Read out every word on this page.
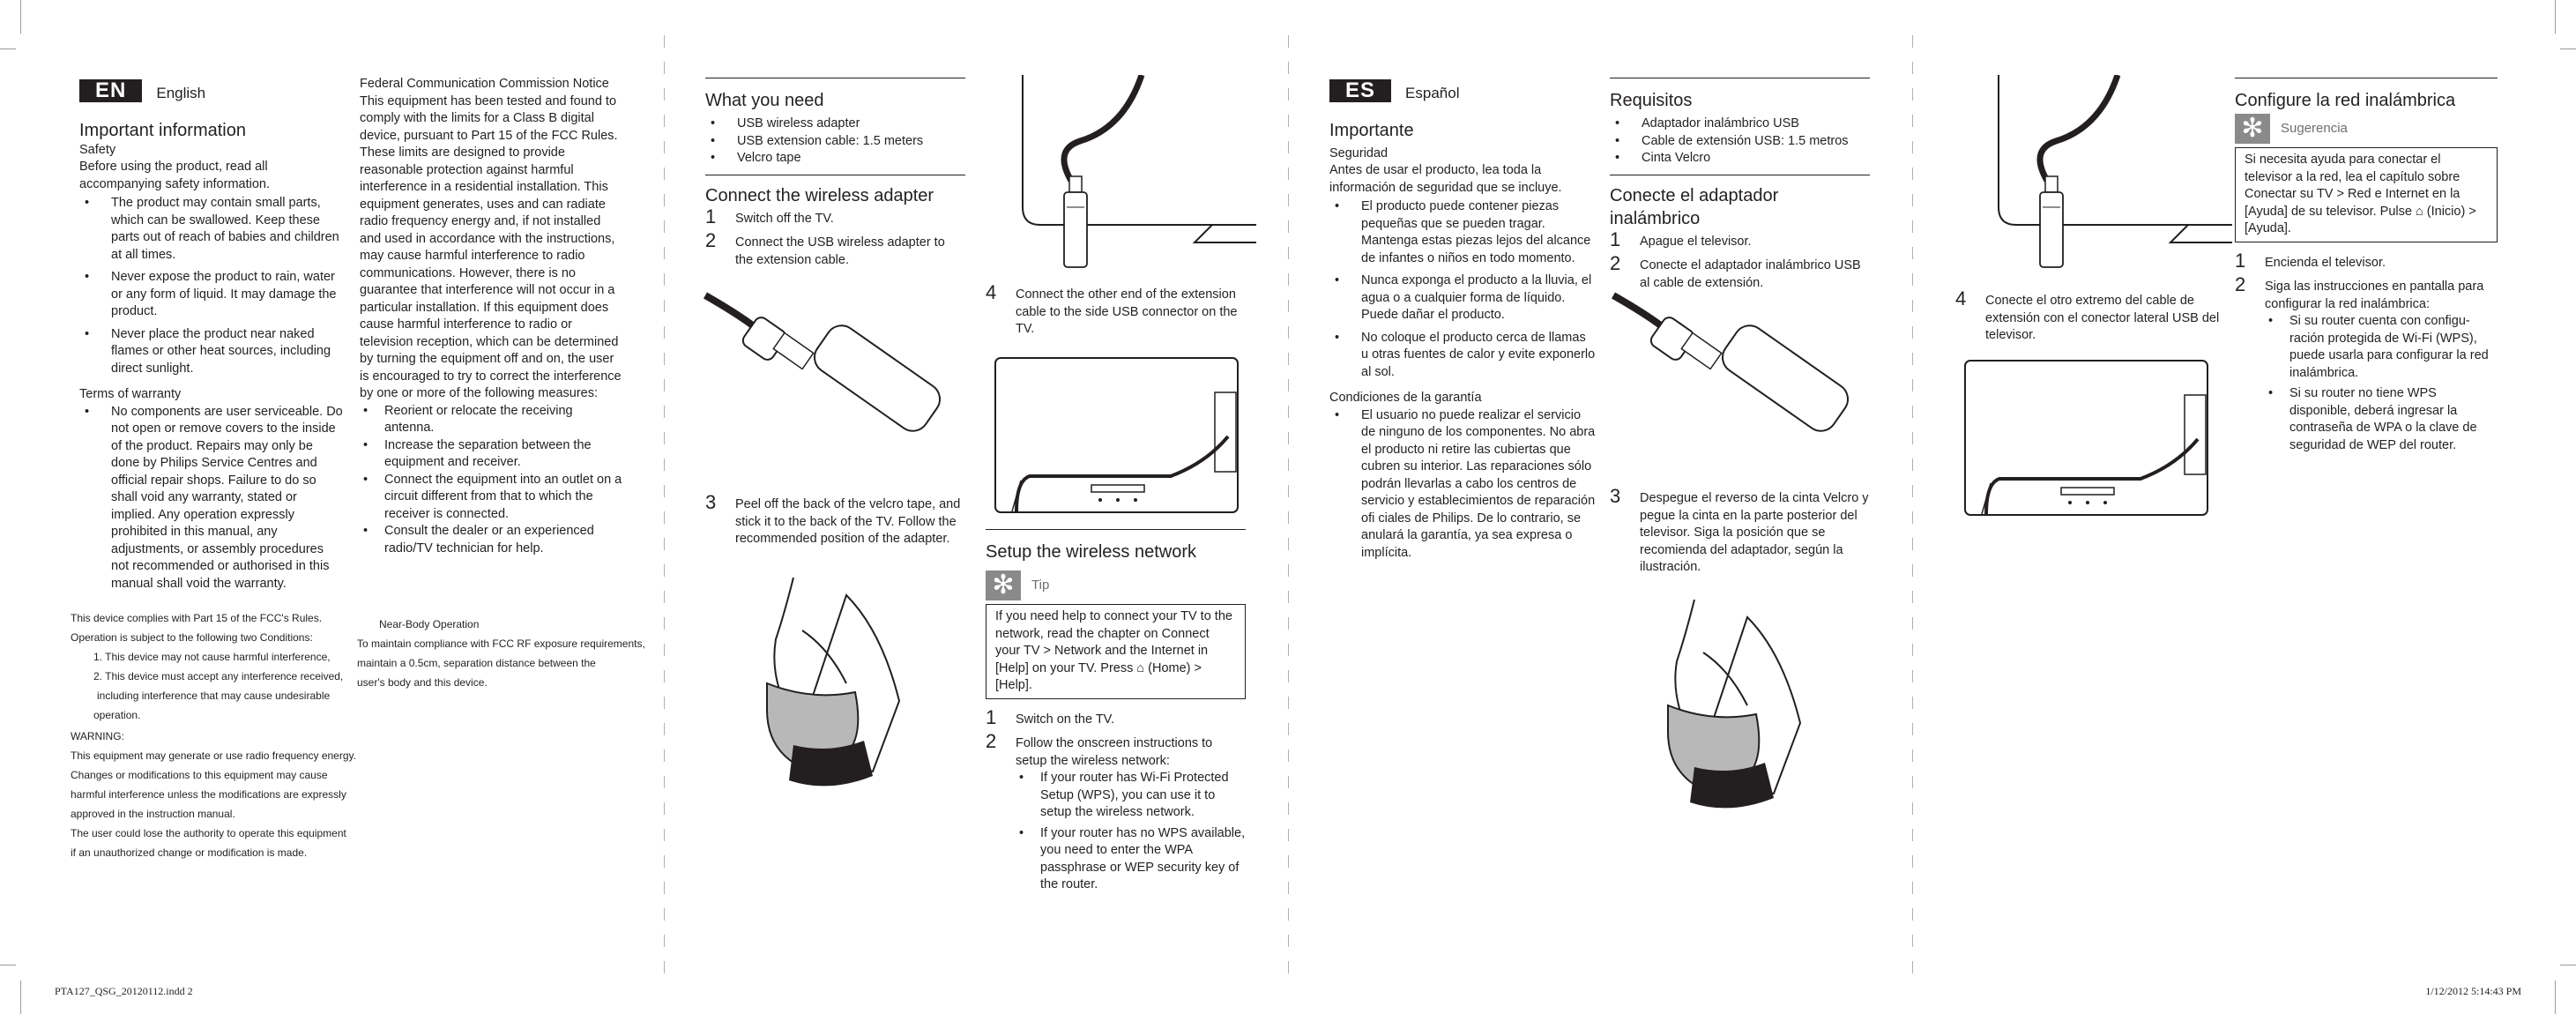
EN English

Important information

Safety

Before using the product, read all accompanying safety information.

• The product may contain small parts, which can be swallowed. Keep these parts out of reach of babies and children at all times.
• Never expose the product to rain, water or any form of liquid. It may damage the product.
• Never place the product near naked flames or other heat sources, including direct sunlight.

Terms of warranty

• No components are user serviceable. Do not open or remove covers to the inside of the product. Repairs may only be done by Philips Service Centres and official repair shops. Failure to do so shall void any warranty, stated or implied. Any operation expressly prohibited in this manual, any adjustments, or assembly procedures not recommended or authorised in this manual shall void the warranty.

This device complies with Part 15 of the FCC's Rules.

Operation is subject to the following two Conditions:

1. This device may not cause harmful interference,

2. This device must accept any interference received,

including interference that may cause undesirable

operation.

WARNING:

This equipment may generate or use radio frequency energy.

Changes or modifications to this equipment may cause

harmful interference unless the modifications are expressly

approved in the instruction manual.

The user could lose the authority to operate this equipment

if an unauthorized change or modification is made.

Federal Communication Commission Notice

This equipment has been tested and found to comply with the limits for a Class B digital device, pursuant to Part 15 of the FCC Rules. These limits are designed to provide reasonable protection against harmful interference in a residential installation. This equipment generates, uses and can radiate radio frequency energy and, if not installed and used in accordance with the instructions, may cause harmful interference to radio communications. However, there is no guarantee that interference will not occur in a particular installation. If this equipment does cause harmful interference to radio or television reception, which can be determined by turning the equipment off and on, the user is encouraged to try to correct the interference by one or more of the following measures:

• Reorient or relocate the receiving antenna.
• Increase the separation between the equipment and receiver.
• Connect the equipment into an outlet on a circuit different from that to which the receiver is connected.
• Consult the dealer or an experienced radio/TV technician for help.

Near-Body Operation

To maintain compliance with FCC RF exposure requirements,

maintain a 0.5cm, separation distance between the

user's body and this device.

What you need

• USB wireless adapter
• USB extension cable: 1.5 meters
• Velcro tape

Connect the wireless adapter

1 Switch off the TV.
2 Connect the USB wireless adapter to the extension cable.
3 Peel off the back of the velcro tape, and stick it to the back of the TV. Follow the recommended position of the adapter.
4 Connect the other end of the extension cable to the side USB connector on the TV.

Setup the wireless network

✻	Tip

If you need help to connect your TV to the network, read the chapter on Connect your TV > Network and the Internet in [Help] on your TV. Press ⌂ (Home) > [Help].

1 Switch on the TV.
2 Follow the onscreen instructions to setup the wireless network:
• If your router has Wi-Fi Protected Setup (WPS), you can use it to setup the wireless network.
• If your router has no WPS available, you need to enter the WPA passphrase or WEP security key of the router.
ES Español

Importante

Seguridad

Antes de usar el producto, lea toda la información de seguridad que se incluye.

• El producto puede contener piezas pequeñas que se pueden tragar. Mantenga estas piezas lejos del alcance de infantes o niños en todo momento.
• Nunca exponga el producto a la lluvia, el agua o a cualquier forma de líquido. Puede dañar el producto.
• No coloque el producto cerca de llamas u otras fuentes de calor y evite exponerlo al sol.

Condiciones de la garantía

• El usuario no puede realizar el servicio de ninguno de los componentes. No abra el producto ni retire las cubiertas que cubren su interior. Las reparaciones sólo podrán llevarlas a cabo los centros de servicio y establecimientos de reparación ofi ciales de Philips. De lo contrario, se anulará la garantía, ya sea expresa o implícita.

Requisitos

• Adaptador inalámbrico USB
• Cable de extensión USB: 1.5 metros
• Cinta Velcro

Conecte el adaptador inalámbrico

1 Apague el televisor.
2 Conecte el adaptador inalámbrico USB al cable de extensión.
3 Despegue el reverso de la cinta Velcro y pegue la cinta en la parte posterior del televisor. Siga la posición que se recomienda del adaptador, según la ilustración.
4 Conecte el otro extremo del cable de extensión con el conector lateral USB del televisor.

Configure la red inalámbrica

✻	Sugerencia

Si necesita ayuda para conectar el televisor a la red, lea el capítulo sobre Conectar su TV > Red e Internet en la [Ayuda] de su televisor. Pulse ⌂ (Inicio) > [Ayuda].

1 Encienda el televisor.
2 Siga las instrucciones en pantalla para configurar la red inalámbrica:
• Si su router cuenta con configu-ración protegida de Wi-Fi (WPS), puede usarla para configurar la red inalámbrica.
• Si su router no tiene WPS disponible, deberá ingresar la contraseña de WPA o la clave de seguridad de WEP del router.
PTA127_QSG_20120112.indd 2	1/12/2012 5:14:43 PM
